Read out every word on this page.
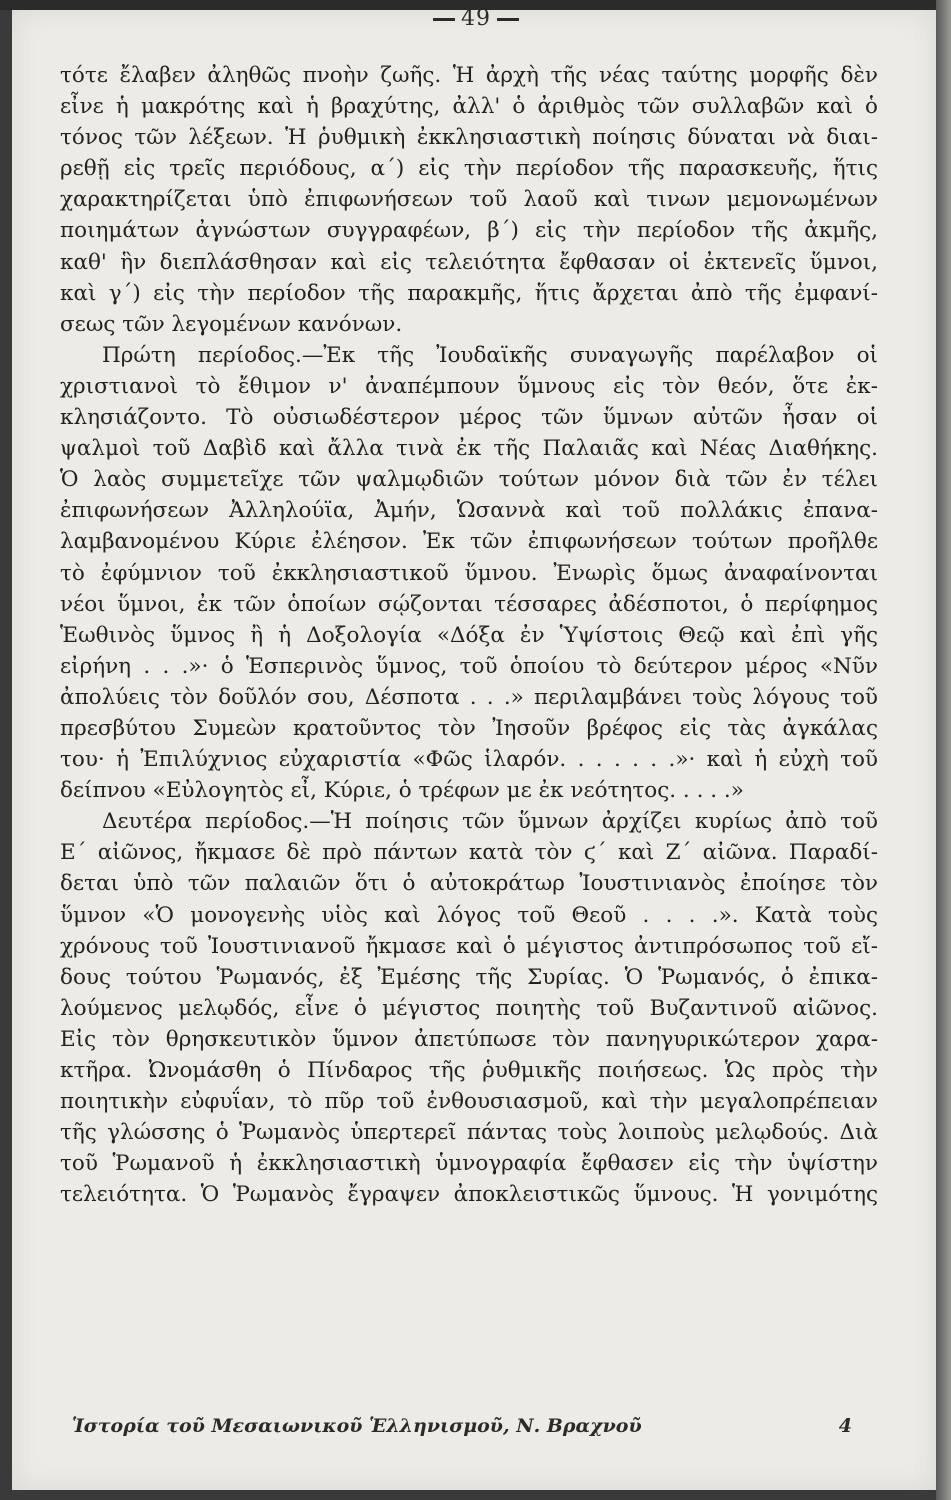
49
τότε ἔλαβεν ἀληθῶς πνοὴν ζωῆς. Ἡ ἀρχὴ τῆς νέας ταύτης μορφῆς δὲν
εἶνε ἡ μακρότης καὶ ἡ βραχύτης, ἀλλ' ὁ ἀριθμὸς τῶν συλλαβῶν καὶ ὁ
τόνος τῶν λέξεων. Ἡ ῥυθμικὴ ἐκκλησιαστικὴ ποίησις δύναται νὰ διαι-
ρεθῇ εἰς τρεῖς περιόδους, α΄) εἰς τὴν περίοδον τῆς παρασκευῆς, ἥτις
χαρακτηρίζεται ὑπὸ ἐπιφωνήσεων τοῦ λαοῦ καὶ τινων μεμονωμένων
ποιημάτων ἀγνώστων συγγραφέων, β΄) εἰς τὴν περίοδον τῆς ἀκμῆς,
καθ' ἣν διεπλάσθησαν καὶ εἰς τελειότητα ἔφθασαν οἱ ἐκτενεῖς ὕμνοι,
καὶ γ΄) εἰς τὴν περίοδον τῆς παρακμῆς, ἥτις ἄρχεται ἀπὸ τῆς ἐμφανί-
σεως τῶν λεγομένων κανόνων.
Πρώτη περίοδος.—Ἐκ τῆς Ἰουδαϊκῆς συναγωγῆς παρέλαβον οἱ
χριστιανοὶ τὸ ἔθιμον ν' ἀναπέμπουν ὕμνους εἰς τὸν θεόν, ὅτε ἐκ-
κλησιάζοντο. Τὸ οὐσιωδέστερον μέρος τῶν ὕμνων αὐτῶν ἦσαν οἱ
ψαλμοὶ τοῦ Δαβὶδ καὶ ἄλλα τινὰ ἐκ τῆς Παλαιᾶς καὶ Νέας Διαθήκης.
Ὁ λαὸς συμμετεῖχε τῶν ψαλμῳδιῶν τούτων μόνον διὰ τῶν ἐν τέλει
ἐπιφωνήσεων Ἀλληλούϊα, Ἀμήν, Ὡσαννὰ καὶ τοῦ πολλάκις ἐπανα-
λαμβανομένου Κύριε ἐλέησον. Ἐκ τῶν ἐπιφωνήσεων τούτων προῆλθε
τὸ ἐφύμνιον τοῦ ἐκκλησιαστικοῦ ὕμνου. Ἐνωρὶς ὅμως ἀναφαίνονται
νέοι ὕμνοι, ἐκ τῶν ὁποίων σῴζονται τέσσαρες ἀδέσποτοι, ὁ περίφημος
Ἑωθινὸς ὕμνος ἢ ἡ Δοξολογία «Δόξα ἐν Ὑψίστοις Θεῷ καὶ ἐπὶ γῆς
εἰρήνη . . .»· ὁ Ἑσπερινὸς ὕμνος, τοῦ ὁποίου τὸ δεύτερον μέρος «Νῦν
ἀπολύεις τὸν δοῦλόν σου, Δέσποτα . . .» περιλαμβάνει τοὺς λόγους τοῦ
πρεσβύτου Συμεὼν κρατοῦντος τὸν Ἰησοῦν βρέφος εἰς τὰς ἀγκάλας
του· ἡ Ἐπιλύχνιος εὐχαριστία «Φῶς ἱλαρόν. . . . . . .»· καὶ ἡ εὐχὴ τοῦ
δείπνου «Εὐλογητὸς εἶ, Κύριε, ὁ τρέφων με ἐκ νεότητος. . . . .»
Δευτέρα περίοδος.—Ἡ ποίησις τῶν ὕμνων ἀρχίζει κυρίως ἀπὸ τοῦ
Ε΄ αἰῶνος, ἤκμασε δὲ πρὸ πάντων κατὰ τὸν ϛ΄ καὶ Ζ΄ αἰῶνα. Παραδί-
δεται ὑπὸ τῶν παλαιῶν ὅτι ὁ αὐτοκράτωρ Ἰουστινιανὸς ἐποίησε τὸν
ὕμνον «Ὁ μονογενὴς υἱὸς καὶ λόγος τοῦ Θεοῦ . . . .». Κατὰ τοὺς
χρόνους τοῦ Ἰουστινιανοῦ ἤκμασε καὶ ὁ μέγιστος ἀντιπρόσωπος τοῦ εἴ-
δους τούτου Ῥωμανός, ἐξ Ἐμέσης τῆς Συρίας. Ὁ Ῥωμανός, ὁ ἐπικα-
λούμενος μελῳδός, εἶνε ὁ μέγιστος ποιητὴς τοῦ Βυζαντινοῦ αἰῶνος.
Εἰς τὸν θρησκευτικὸν ὕμνον ἀπετύπωσε τὸν πανηγυρικώτερον χαρα-
κτῆρα. Ὠνομάσθη ὁ Πίνδαρος τῆς ῥυθμικῆς ποιήσεως. Ὡς πρὸς τὴν
ποιητικὴν εὐφυΐαν, τὸ πῦρ τοῦ ἐνθουσιασμοῦ, καὶ τὴν μεγαλοπρέπειαν
τῆς γλώσσης ὁ Ῥωμανὸς ὑπερτερεῖ πάντας τοὺς λοιποὺς μελῳδούς. Διὰ
τοῦ Ῥωμανοῦ ἡ ἐκκλησιαστικὴ ὑμνογραφία ἔφθασεν εἰς τὴν ὑψίστην
τελειότητα. Ὁ Ῥωμανὸς ἔγραψεν ἀποκλειστικῶς ὕμνους. Ἡ γονιμότης
Ἱστορία τοῦ Μεσαιωνικοῦ Ἑλληνισμοῦ, Ν. Βραχνοῦ	4
